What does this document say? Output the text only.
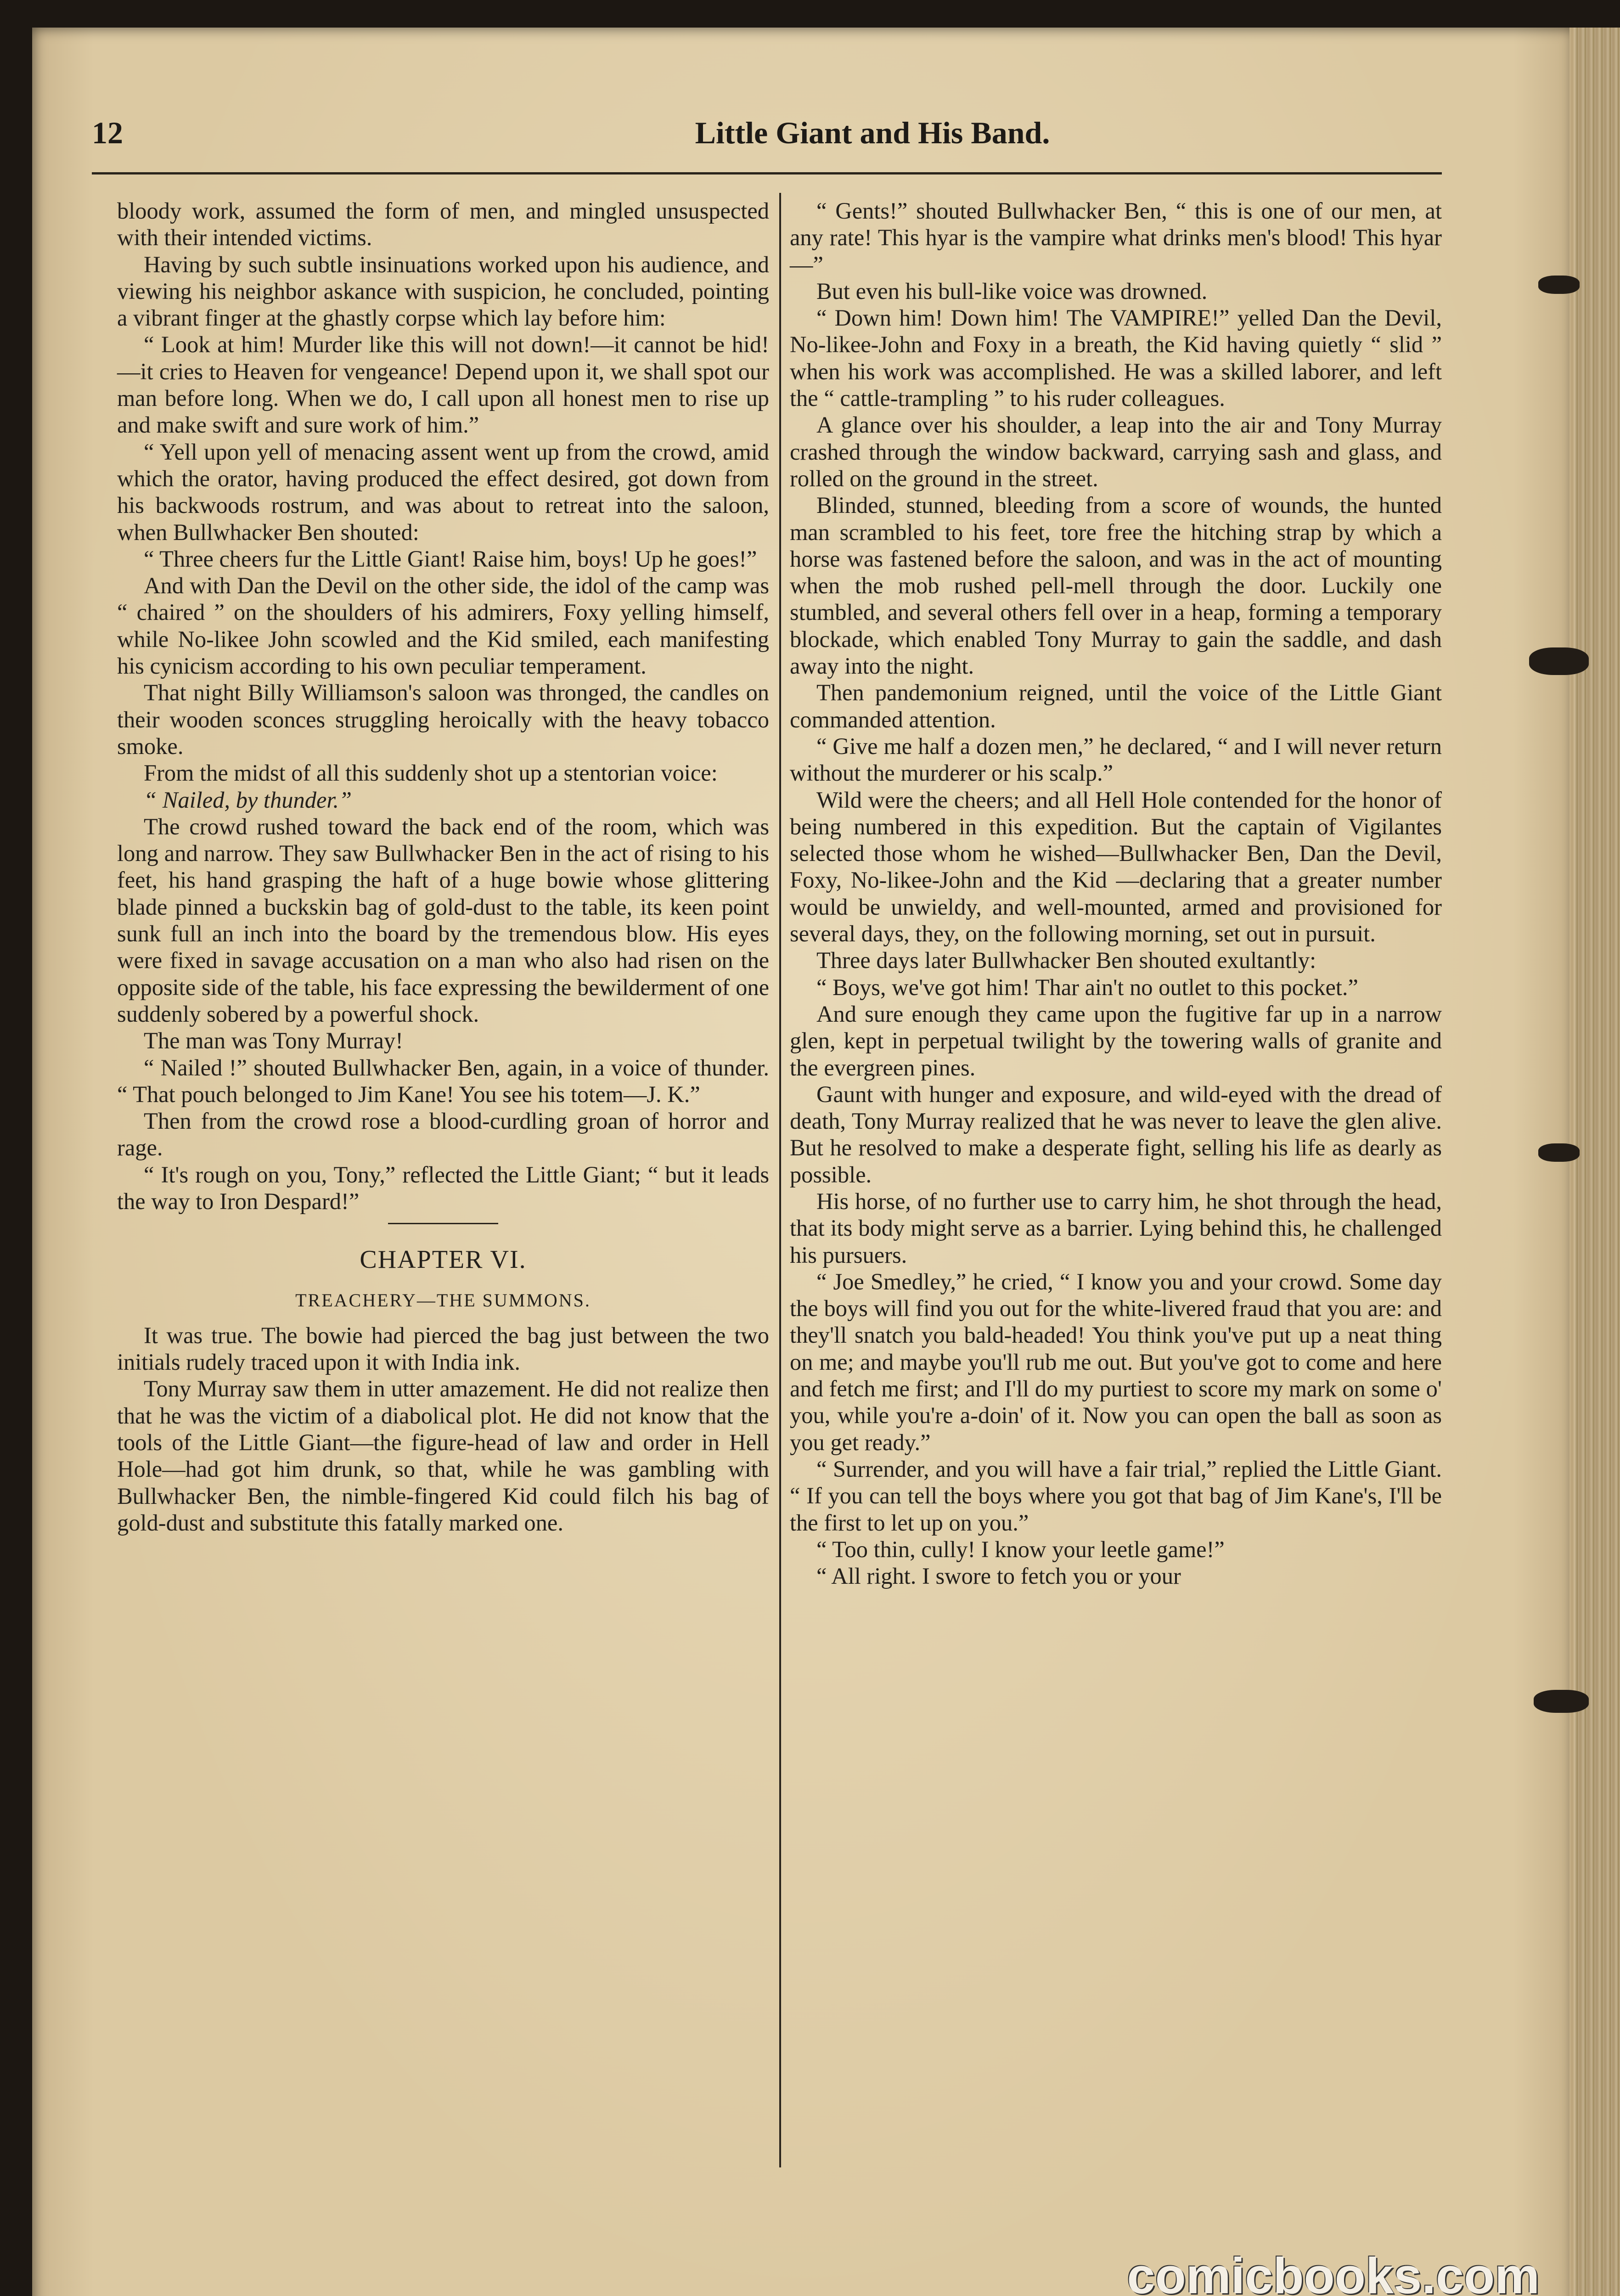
12	Little Giant and His Band.

bloody work, assumed the form of men, and mingled unsuspected with their intended victims.

Having by such subtle insinuations worked upon his audience, and viewing his neighbor askance with suspicion, he concluded, pointing a vibrant finger at the ghastly corpse which lay before him:

“ Look at him! Murder like this will not down!—it cannot be hid!—it cries to Heaven for vengeance! Depend upon it, we shall spot our man before long. When we do, I call upon all honest men to rise up and make swift and sure work of him.”

“ Yell upon yell of menacing assent went up from the crowd, amid which the orator, having produced the effect desired, got down from his backwoods rostrum, and was about to retreat into the saloon, when Bullwhacker Ben shouted:

“ Three cheers fur the Little Giant! Raise him, boys! Up he goes!”

And with Dan the Devil on the other side, the idol of the camp was “ chaired ” on the shoulders of his admirers, Foxy yelling himself, while No-likee John scowled and the Kid smiled, each manifesting his cynicism according to his own peculiar temperament.

That night Billy Williamson's saloon was thronged, the candles on their wooden sconces struggling heroically with the heavy tobacco smoke.

From the midst of all this suddenly shot up a stentorian voice:

“ Nailed, by thunder.”

The crowd rushed toward the back end of the room, which was long and narrow. They saw Bullwhacker Ben in the act of rising to his feet, his hand grasping the haft of a huge bowie whose glittering blade pinned a buckskin bag of gold-dust to the table, its keen point sunk full an inch into the board by the tremendous blow. His eyes were fixed in savage accusation on a man who also had risen on the opposite side of the table, his face expressing the bewilderment of one suddenly sobered by a powerful shock.

The man was Tony Murray!

“ Nailed !” shouted Bullwhacker Ben, again, in a voice of thunder. “ That pouch belonged to Jim Kane! You see his totem—J. K.”

Then from the crowd rose a blood-curdling groan of horror and rage.

“ It's rough on you, Tony,” reflected the Little Giant; “ but it leads the way to Iron Despard!”

CHAPTER VI.
TREACHERY—THE SUMMONS.

It was true. The bowie had pierced the bag just between the two initials rudely traced upon it with India ink.

Tony Murray saw them in utter amazement. He did not realize then that he was the victim of a diabolical plot. He did not know that the tools of the Little Giant—the figure-head of law and order in Hell Hole—had got him drunk, so that, while he was gambling with Bullwhacker Ben, the nimble-fingered Kid could filch his bag of gold-dust and substitute this fatally marked one.

“ Gents!” shouted Bullwhacker Ben, “ this is one of our men, at any rate! This hyar is the vampire what drinks men's blood! This hyar—”

But even his bull-like voice was drowned.

“ Down him! Down him! The VAMPIRE!” yelled Dan the Devil, No-likee-John and Foxy in a breath, the Kid having quietly “ slid ” when his work was accomplished. He was a skilled laborer, and left the “ cattle-trampling ” to his ruder colleagues.

A glance over his shoulder, a leap into the air and Tony Murray crashed through the window backward, carrying sash and glass, and rolled on the ground in the street.

Blinded, stunned, bleeding from a score of wounds, the hunted man scrambled to his feet, tore free the hitching strap by which a horse was fastened before the saloon, and was in the act of mounting when the mob rushed pell-mell through the door. Luckily one stumbled, and several others fell over in a heap, forming a temporary blockade, which enabled Tony Murray to gain the saddle, and dash away into the night.

Then pandemonium reigned, until the voice of the Little Giant commanded attention.

“ Give me half a dozen men,” he declared, “ and I will never return without the murderer or his scalp.”

Wild were the cheers; and all Hell Hole contended for the honor of being numbered in this expedition. But the captain of Vigilantes selected those whom he wished—Bullwhacker Ben, Dan the Devil, Foxy, No-likee-John and the Kid —declaring that a greater number would be unwieldy, and well-mounted, armed and provisioned for several days, they, on the following morning, set out in pursuit.

Three days later Bullwhacker Ben shouted exultantly:

“ Boys, we've got him! Thar ain't no outlet to this pocket.”

And sure enough they came upon the fugitive far up in a narrow glen, kept in perpetual twilight by the towering walls of granite and the evergreen pines.

Gaunt with hunger and exposure, and wild-eyed with the dread of death, Tony Murray realized that he was never to leave the glen alive. But he resolved to make a desperate fight, selling his life as dearly as possible.

His horse, of no further use to carry him, he shot through the head, that its body might serve as a barrier. Lying behind this, he challenged his pursuers.

“ Joe Smedley,” he cried, “ I know you and your crowd. Some day the boys will find you out for the white-livered fraud that you are: and they'll snatch you bald-headed! You think you've put up a neat thing on me; and maybe you'll rub me out. But you've got to come and here and fetch me first; and I'll do my purtiest to score my mark on some o' you, while you're a-doin' of it. Now you can open the ball as soon as you get ready.”

“ Surrender, and you will have a fair trial,” replied the Little Giant. “ If you can tell the boys where you got that bag of Jim Kane's, I'll be the first to let up on you.”

“ Too thin, cully! I know your leetle game!”

“ All right. I swore to fetch you or your

comicbooks.com
